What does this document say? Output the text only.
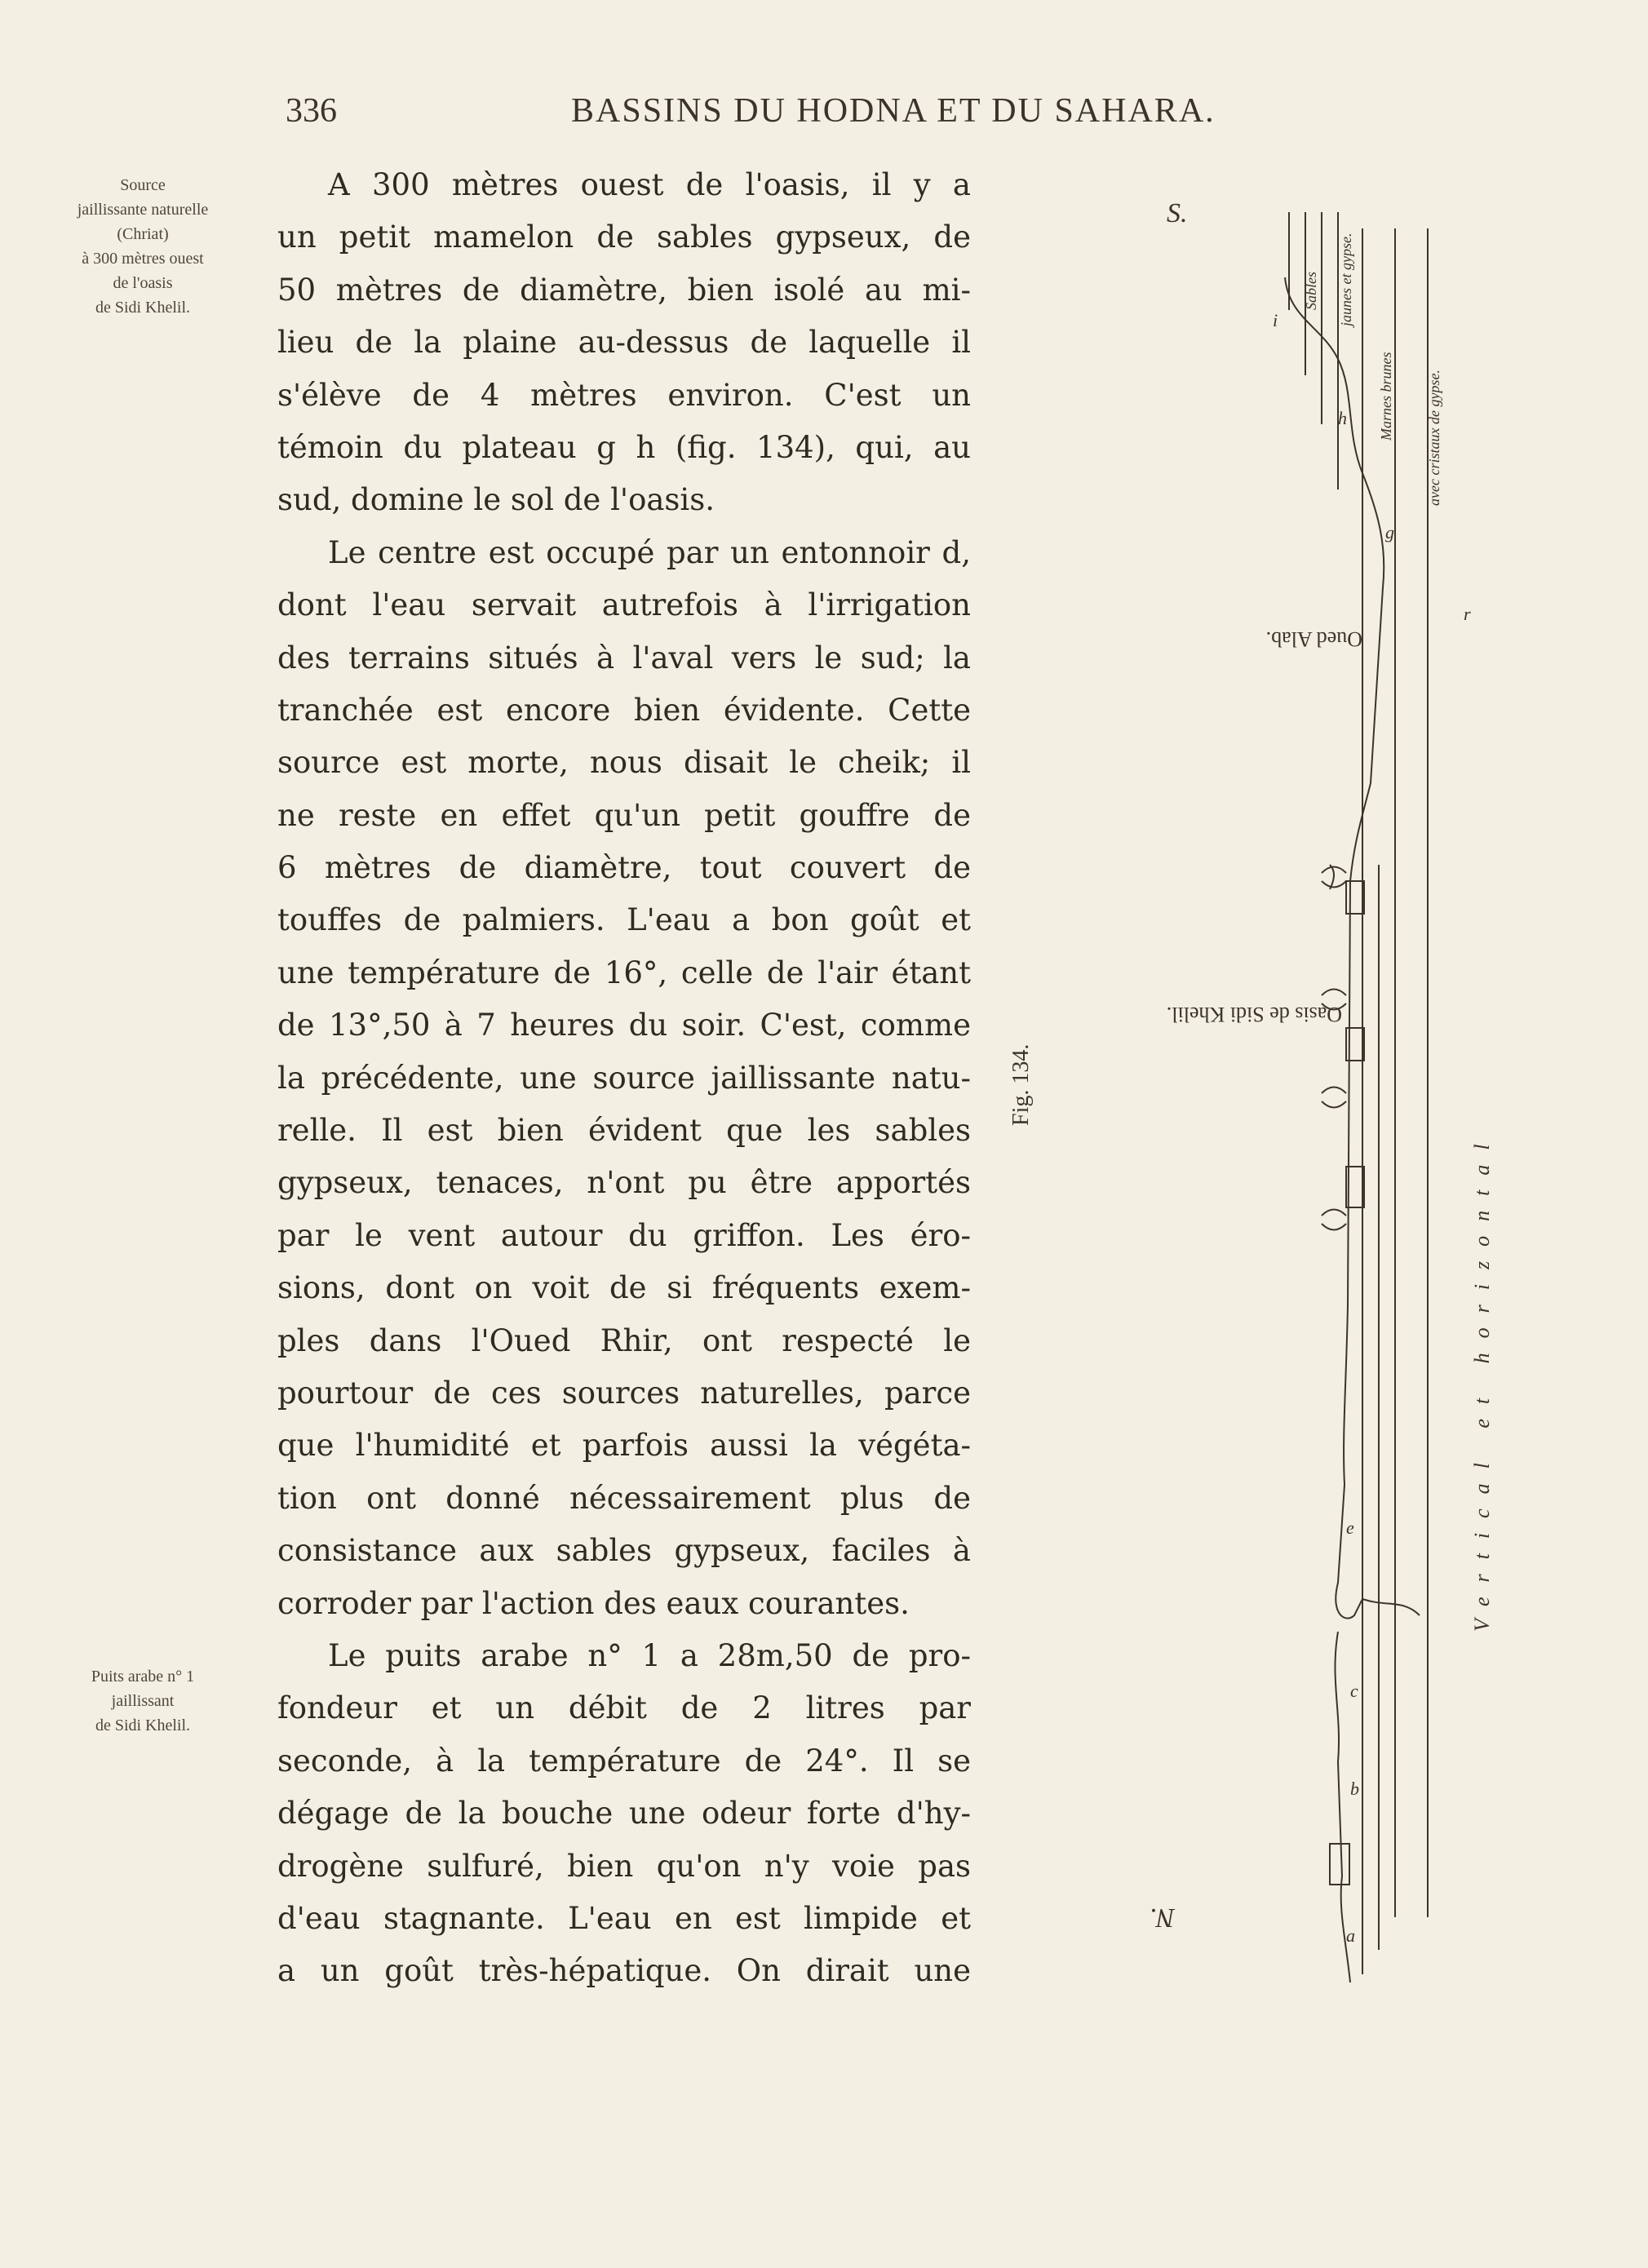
336	BASSINS DU HODNA ET DU SAHARA.
Source
jaillissante naturelle
(Chriat)
à 300 mètres ouest
de l'oasis
de Sidi Khelil.
Puits arabe n° 1
jaillissant
de Sidi Khelil.
A 300 mètres ouest de l'oasis, il y a
un petit mamelon de sables gypseux, de
50 mètres de diamètre, bien isolé au mi-
lieu de la plaine au-dessus de laquelle il
s'élève de 4 mètres environ. C'est un
témoin du plateau g h (fig. 134), qui, au
sud, domine le sol de l'oasis.
Le centre est occupé par un entonnoir d,
dont l'eau servait autrefois à l'irrigation
des terrains situés à l'aval vers le sud; la
tranchée est encore bien évidente. Cette
source est morte, nous disait le cheik; il
ne reste en effet qu'un petit gouffre de
6 mètres de diamètre, tout couvert de
touffes de palmiers. L'eau a bon goût et
une température de 16°, celle de l'air étant
de 13°,50 à 7 heures du soir. C'est, comme
la précédente, une source jaillissante natu-
relle. Il est bien évident que les sables
gypseux, tenaces, n'ont pu être apportés
par le vent autour du griffon. Les éro-
sions, dont on voit de si fréquents exem-
ples dans l'Oued Rhir, ont respecté le
pourtour de ces sources naturelles, parce
que l'humidité et parfois aussi la végéta-
tion ont donné nécessairement plus de
consistance aux sables gypseux, faciles à
corroder par l'action des eaux courantes.
Le puits arabe n° 1 a 28m,50 de pro-
fondeur et un débit de 2 litres par
seconde, à la température de 24°. Il se
dégage de la bouche une odeur forte d'hy-
drogène sulfuré, bien qu'on n'y voie pas
d'eau stagnante. L'eau en est limpide et
a un goût très-hépatique. On dirait une
S.
N.
Sables jaunes et gypse.
Marnes brunes avec cristaux de gypse.
Oued Alab.
Oasis de Sidi Khelil.
Fig. 134.
Vertical et horizontal
i
h
g
r
e
c
b
a
